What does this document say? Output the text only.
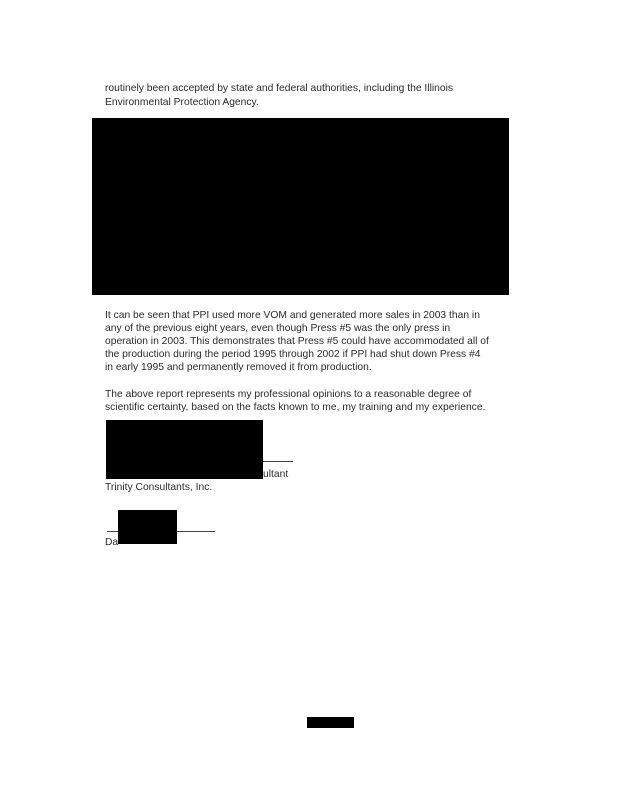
routinely been accepted by state and federal authorities, including the Illinois
Environmental Protection Agency.
It can be seen that PPI used more VOM and generated more sales in 2003 than in
any of the previous eight years, even though Press #5 was the only press in
operation in 2003. This demonstrates that Press #5 could have accommodated all of
the production during the period 1995 through 2002 if PPI had shut down Press #4
in early 1995 and permanently removed it from production.
The above report represents my professional opinions to a reasonable degree of
scientific certainty, based on the facts known to me, my training and my experience.
ultant
Trinity Consultants, Inc.
Da
